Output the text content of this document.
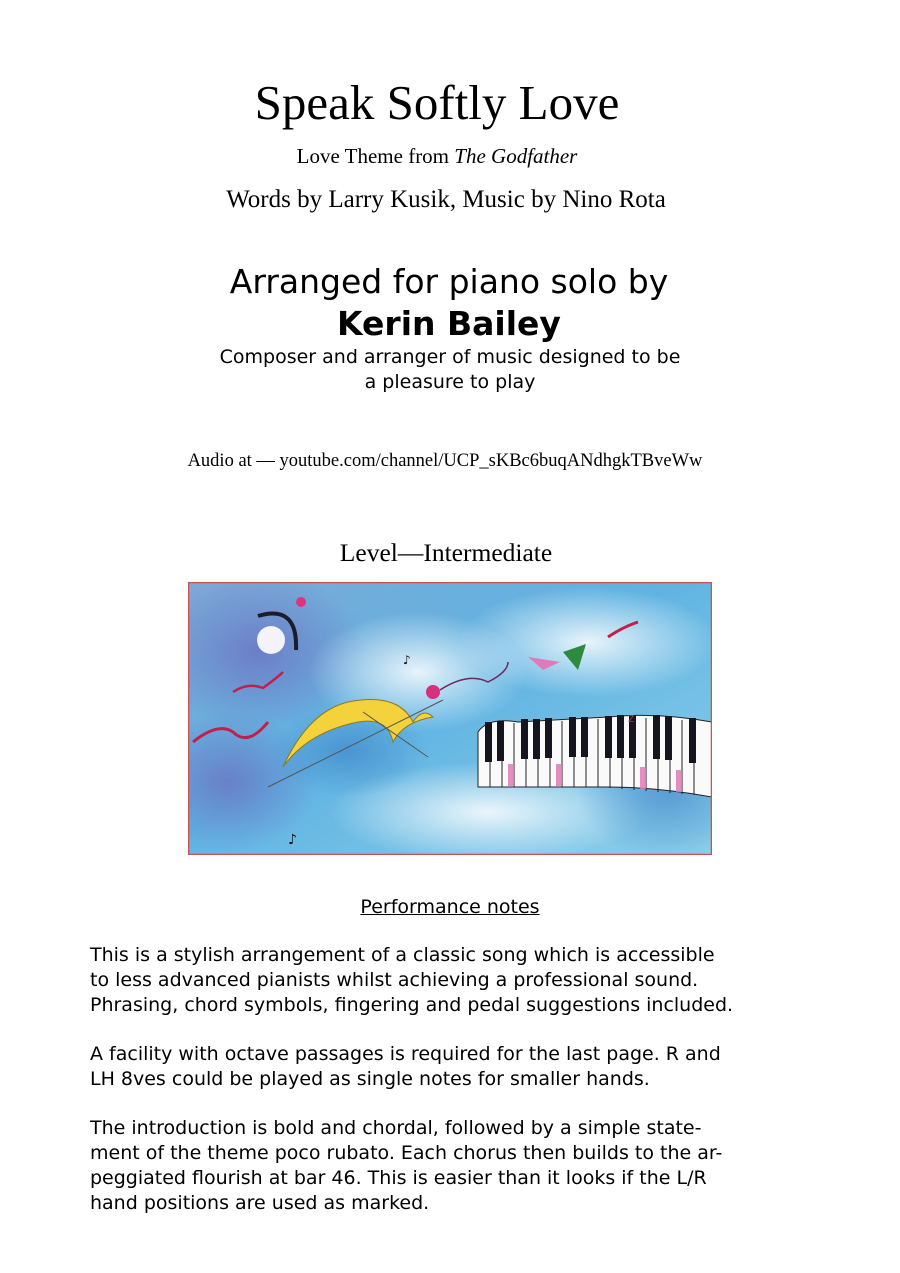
Speak Softly Love
Love Theme from The Godfather
Words by Larry Kusik, Music by Nino Rota
Arranged for piano solo by
Kerin Bailey
Composer and arranger of music designed to be
a pleasure to play
Audio at — youtube.com/channel/UCP_sKBc6buqANdhgkTBveWw
Level—Intermediate
♪
♪
z
Performance notes
This is a stylish arrangement of a classic song which is accessible
to less advanced pianists whilst achieving a professional sound.
Phrasing, chord symbols, fingering and pedal suggestions included.
A facility with octave passages is required for the last page. R and
LH 8ves could be played as single notes for smaller hands.
The introduction is bold and chordal, followed by a simple state-
ment of the theme poco rubato. Each chorus then builds to the ar-
peggiated flourish at bar 46. This is easier than it looks if the L/R
hand positions are used as marked.
